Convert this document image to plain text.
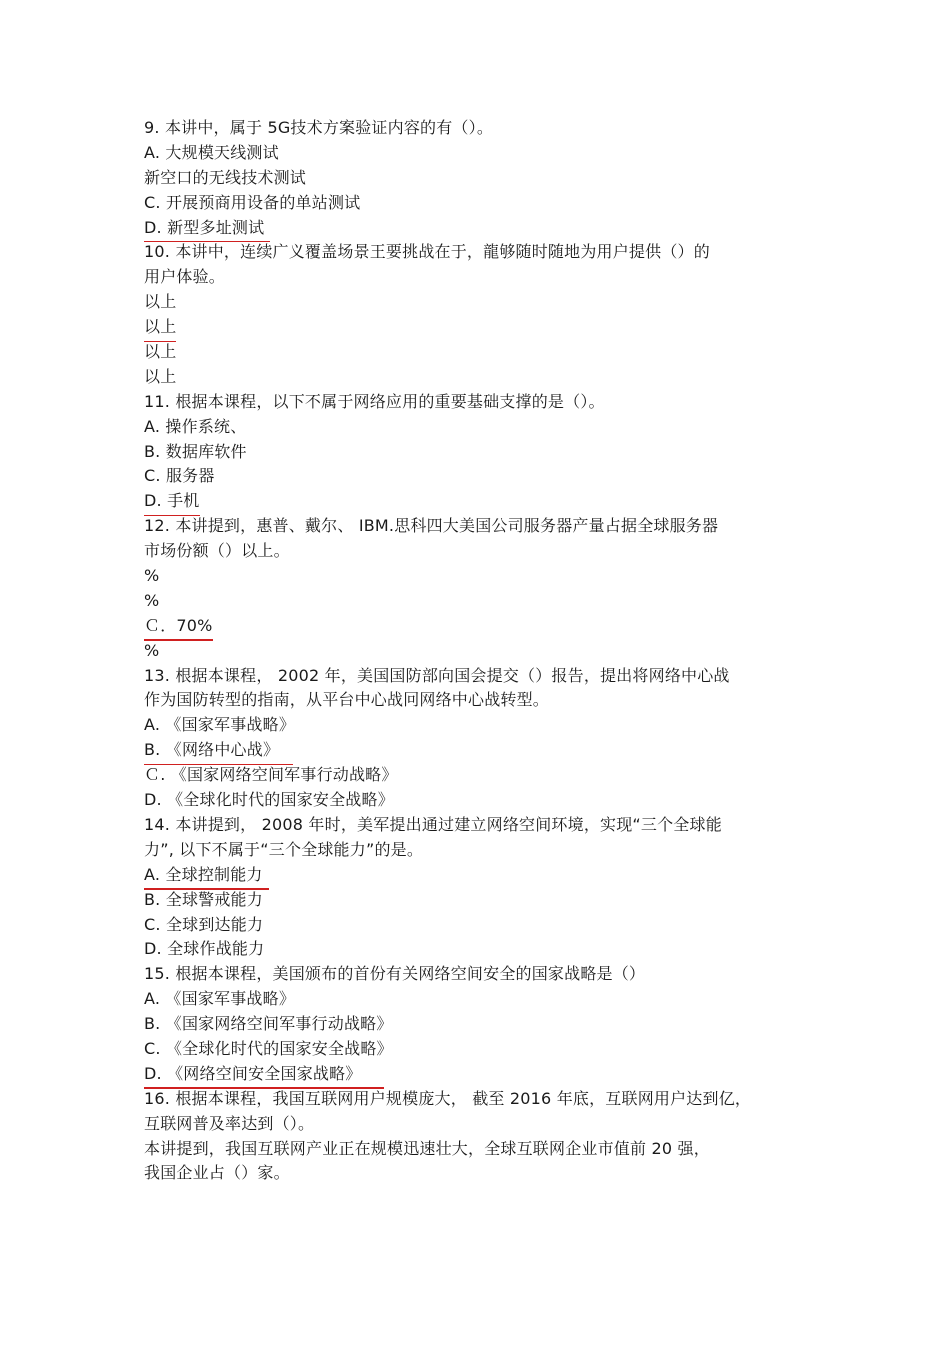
9. 本讲中，属于 5G技术方案验证内容的有（）。
A. 大规模天线测试
新空口的无线技术测试
C. 开展预商用设备的单站测试
D. 新型多址测试
10. 本讲中，连续广义覆盖场景王要挑战在于，龍够随时随地为用户提供（）的
用户体验。
以上
以上
以上
以上
11. 根据本课程，以下不属于网络应用的重要基础支撑的是（）。
A. 操作系统、
B. 数据库软件
C. 服务器
D. 手机
12. 本讲提到，惠普、戴尔、 IBM.思科四大美国公司服务器产量占据全球服务器
市场份额（）以上。
%
%
Ｃ．70%
%
13. 根据本课程， 2002 年，美国国防部向国会提交（）报告，提出将网络中心战
作为国防转型的指南，从平台中心战冋网络中心战转型。
A. 《国家军事战略》
B. 《网络中心战》
Ｃ. 《国家网络空间军事行动战略》
D. 《全球化时代的国家安全战略》
14. 本讲提到， 2008 年时，美军提出通过建立网络空间环境，实现“三个全球能
力”, 以下不属于“三个全球能力”的是。
A. 全球控制能力
B. 全球警戒能力
C. 全球到达能力
D. 全球作战能力
15. 根据本课程，美国颁布的首份有关网络空间安全的国家战略是（）
A. 《国家军事战略》
B. 《国家网络空间军事行动战略》
C. 《全球化时代的国家安全战略》
D. 《网络空间安全国家战略》
16. 根据本课程，我国互联网用户规模庞大， 截至 2016 年底，互联网用户达到亿，
互联网普及率达到（）。
本讲提到，我国互联网产业正在规模迅速壮大，全球互联网企业市值前 20 强，
我国企业占（）家。
